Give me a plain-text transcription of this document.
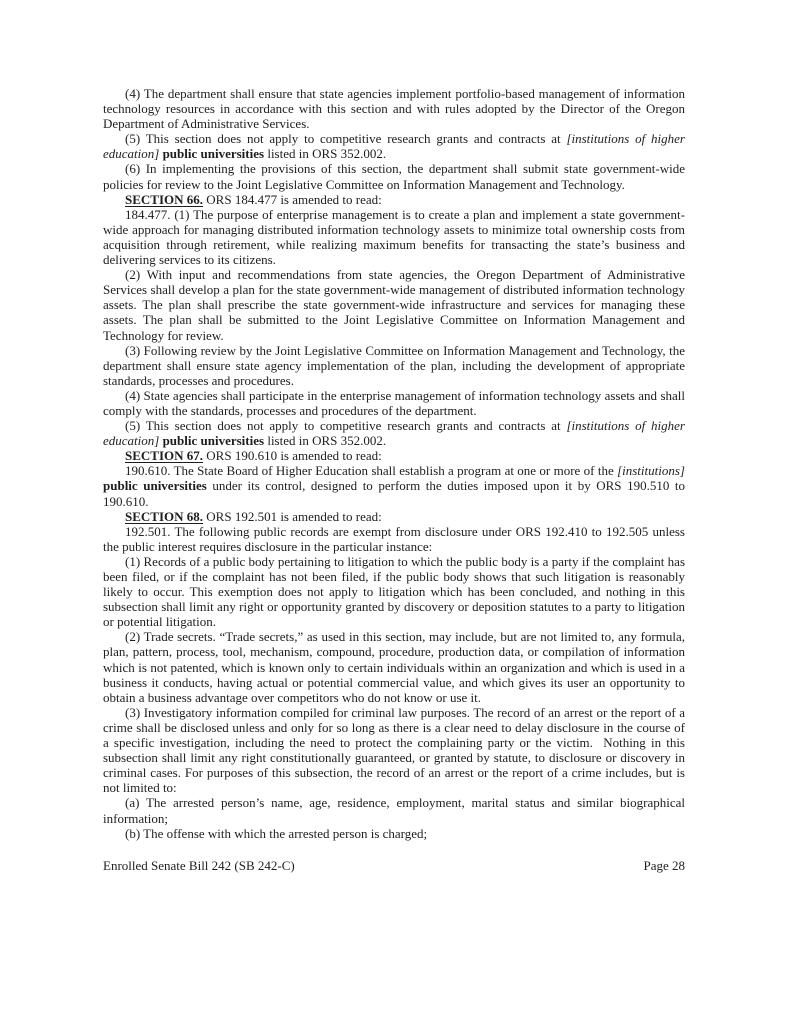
(4) The department shall ensure that state agencies implement portfolio-based management of information technology resources in accordance with this section and with rules adopted by the Director of the Oregon Department of Administrative Services.

(5) This section does not apply to competitive research grants and contracts at [institutions of higher education] public universities listed in ORS 352.002.

(6) In implementing the provisions of this section, the department shall submit state government-wide policies for review to the Joint Legislative Committee on Information Management and Technology.

SECTION 66. ORS 184.477 is amended to read:

184.477. (1) The purpose of enterprise management is to create a plan and implement a state government-wide approach for managing distributed information technology assets to minimize total ownership costs from acquisition through retirement, while realizing maximum benefits for transacting the state’s business and delivering services to its citizens.

(2) With input and recommendations from state agencies, the Oregon Department of Administrative Services shall develop a plan for the state government-wide management of distributed information technology assets. The plan shall prescribe the state government-wide infrastructure and services for managing these assets. The plan shall be submitted to the Joint Legislative Committee on Information Management and Technology for review.

(3) Following review by the Joint Legislative Committee on Information Management and Technology, the department shall ensure state agency implementation of the plan, including the development of appropriate standards, processes and procedures.

(4) State agencies shall participate in the enterprise management of information technology assets and shall comply with the standards, processes and procedures of the department.

(5) This section does not apply to competitive research grants and contracts at [institutions of higher education] public universities listed in ORS 352.002.

SECTION 67. ORS 190.610 is amended to read:

190.610. The State Board of Higher Education shall establish a program at one or more of the [institutions] public universities under its control, designed to perform the duties imposed upon it by ORS 190.510 to 190.610.

SECTION 68. ORS 192.501 is amended to read:

192.501. The following public records are exempt from disclosure under ORS 192.410 to 192.505 unless the public interest requires disclosure in the particular instance:

(1) Records of a public body pertaining to litigation to which the public body is a party if the complaint has been filed, or if the complaint has not been filed, if the public body shows that such litigation is reasonably likely to occur. This exemption does not apply to litigation which has been concluded, and nothing in this subsection shall limit any right or opportunity granted by discovery or deposition statutes to a party to litigation or potential litigation.

(2) Trade secrets. “Trade secrets,” as used in this section, may include, but are not limited to, any formula, plan, pattern, process, tool, mechanism, compound, procedure, production data, or compilation of information which is not patented, which is known only to certain individuals within an organization and which is used in a business it conducts, having actual or potential commercial value, and which gives its user an opportunity to obtain a business advantage over competitors who do not know or use it.

(3) Investigatory information compiled for criminal law purposes. The record of an arrest or the report of a crime shall be disclosed unless and only for so long as there is a clear need to delay disclosure in the course of a specific investigation, including the need to protect the complaining party or the victim.  Nothing in this subsection shall limit any right constitutionally guaranteed, or granted by statute, to disclosure or discovery in criminal cases. For purposes of this subsection, the record of an arrest or the report of a crime includes, but is not limited to:

(a) The arrested person’s name, age, residence, employment, marital status and similar biographical information;

(b) The offense with which the arrested person is charged;

Enrolled Senate Bill 242 (SB 242-C)	Page 28
